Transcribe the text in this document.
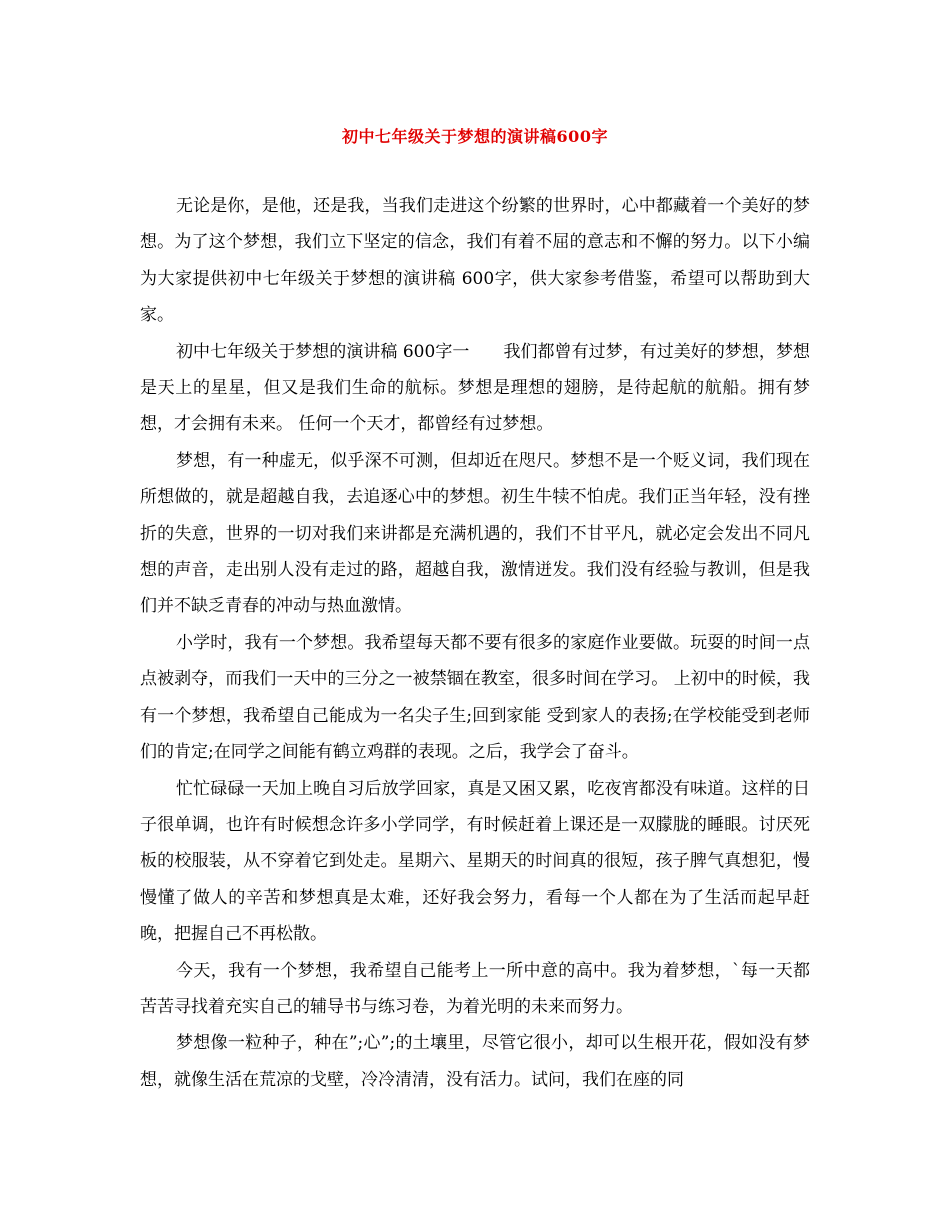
初中七年级关于梦想的演讲稿600字

无论是你，是他，还是我，当我们走进这个纷繁的世界时，心中都藏着一个美好的梦想。为了这个梦想，我们立下坚定的信念，我们有着不屈的意志和不懈的努力。以下小编为大家提供初中七年级关于梦想的演讲稿 600字，供大家参考借鉴，希望可以帮助到大家。

初中七年级关于梦想的演讲稿 600字一　　我们都曾有过梦，有过美好的梦想，梦想是天上的星星，但又是我们生命的航标。梦想是理想的翅膀，是待起航的航船。拥有梦想，才会拥有未来。 任何一个天才，都曾经有过梦想。

梦想，有一种虚无，似乎深不可测，但却近在咫尺。梦想不是一个贬义词，我们现在所想做的，就是超越自我，去追逐心中的梦想。初生牛犊不怕虎。我们正当年轻，没有挫折的失意，世界的一切对我们来讲都是充满机遇的，我们不甘平凡，就必定会发出不同凡想的声音，走出别人没有走过的路，超越自我，激情迸发。我们没有经验与教训，但是我们并不缺乏青春的冲动与热血激情。

小学时，我有一个梦想。我希望每天都不要有很多的家庭作业要做。玩耍的时间一点点被剥夺，而我们一天中的三分之一被禁锢在教室，很多时间在学习。 上初中的时候，我有一个梦想，我希望自己能成为一名尖子生;回到家能 受到家人的表扬;在学校能受到老师们的肯定;在同学之间能有鹤立鸡群的表现。之后，我学会了奋斗。

忙忙碌碌一天加上晚自习后放学回家，真是又困又累，吃夜宵都没有味道。这样的日子很单调，也许有时候想念许多小学同学，有时候赶着上课还是一双朦胧的睡眼。讨厌死板的校服装，从不穿着它到处走。星期六、星期天的时间真的很短，孩子脾气真想犯，慢慢懂了做人的辛苦和梦想真是太难，还好我会努力，看每一个人都在为了生活而起早赶晚，把握自己不再松散。

今天，我有一个梦想，我希望自己能考上一所中意的高中。我为着梦想，`每一天都苦苦寻找着充实自己的辅导书与练习卷，为着光明的未来而努力。

梦想像一粒种子，种在”;心”;的土壤里，尽管它很小，却可以生根开花，假如没有梦想，就像生活在荒凉的戈壁，冷冷清清，没有活力。试问，我们在座的同
